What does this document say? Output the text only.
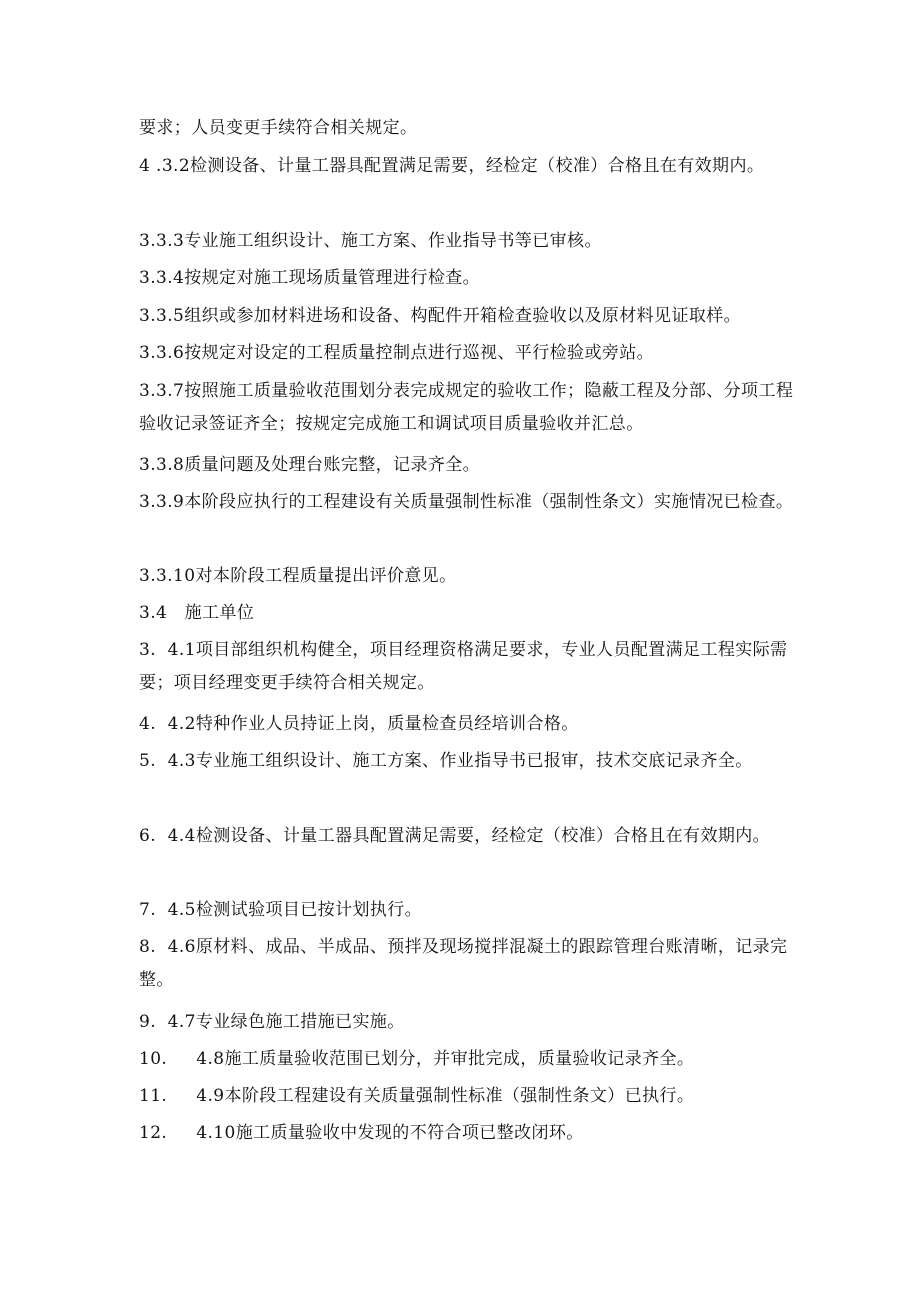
要求；人员变更手续符合相关规定。

4 .3.2检测设备、计量工器具配置满足需要，经检定（校准）合格且在有效期内。

3.3.3专业施工组织设计、施工方案、作业指导书等已审核。

3.3.4按规定对施工现场质量管理进行检查。

3.3.5组织或参加材料进场和设备、构配件开箱检查验收以及原材料见证取样。

3.3.6按规定对设定的工程质量控制点进行巡视、平行检验或旁站。

3.3.7按照施工质量验收范围划分表完成规定的验收工作；隐蔽工程及分部、分项工程验收记录签证齐全；按规定完成施工和调试项目质量验收并汇总。

3.3.8质量问题及处理台账完整，记录齐全。

3.3.9本阶段应执行的工程建设有关质量强制性标准（强制性条文）实施情况已检查。

3.3.10对本阶段工程质量提出评价意见。

3.4   施工单位

3.  4.1项目部组织机构健全，项目经理资格满足要求，专业人员配置满足工程实际需要；项目经理变更手续符合相关规定。

4.  4.2特种作业人员持证上岗，质量检查员经培训合格。

5.  4.3专业施工组织设计、施工方案、作业指导书已报审，技术交底记录齐全。

6.  4.4检测设备、计量工器具配置满足需要，经检定（校准）合格且在有效期内。

7.  4.5检测试验项目已按计划执行。

8.  4.6原材料、成品、半成品、预拌及现场搅拌混凝土的跟踪管理台账清晰，记录完整。

9.  4.7专业绿色施工措施已实施。

10.     4.8施工质量验收范围已划分，并审批完成，质量验收记录齐全。

11.     4.9本阶段工程建设有关质量强制性标准（强制性条文）已执行。

12.     4.10施工质量验收中发现的不符合项已整改闭环。
